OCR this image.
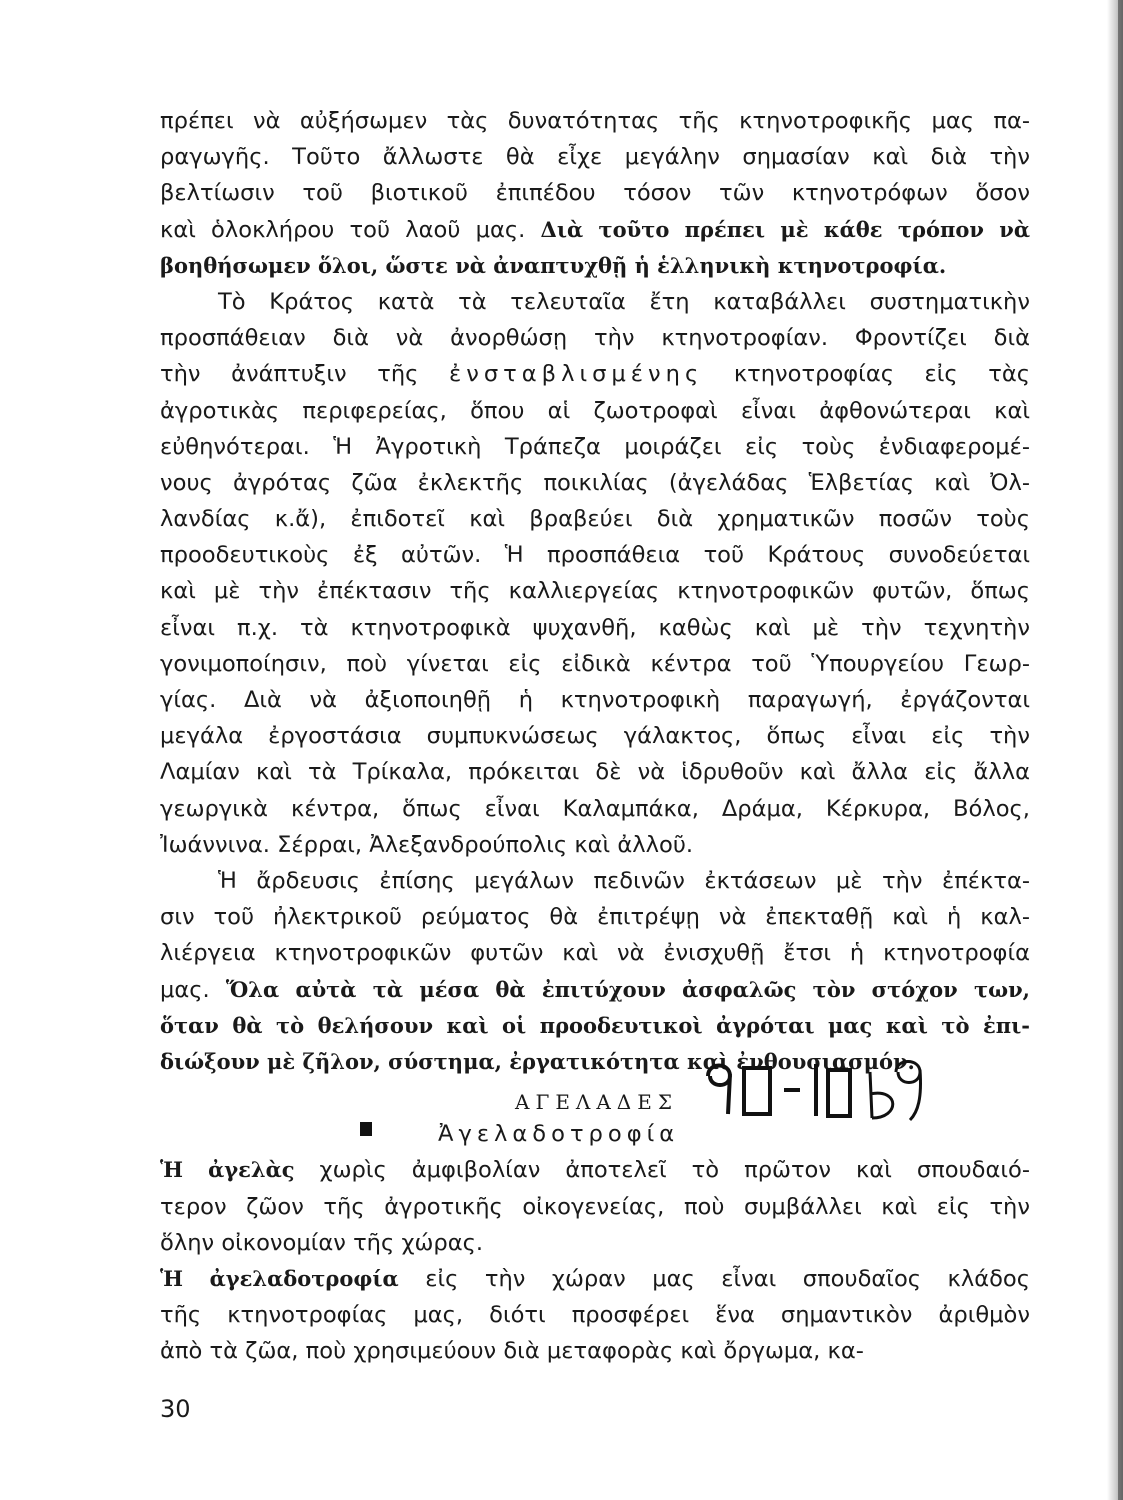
πρέπει νὰ αὐξήσωμεν τὰς δυνατότητας τῆς κτηνοτροφικῆς μας πα-
ραγωγῆς. Τοῦτο ἄλλωστε θὰ εἶχε μεγάλην σημασίαν καὶ διὰ τὴν
βελτίωσιν τοῦ βιοτικοῦ ἐπιπέδου τόσον τῶν κτηνοτρόφων ὅσον
καὶ ὁλοκλήρου τοῦ λαοῦ μας. Διὰ τοῦτο πρέπει μὲ κάθε τρόπον νὰ
βοηθήσωμεν ὅλοι, ὥστε νὰ ἀναπτυχθῇ ἡ ἑλληνικὴ κτηνοτροφία.
Τὸ Κράτος κατὰ τὰ τελευταῖα ἔτη καταβάλλει συστηματικὴν
προσπάθειαν διὰ νὰ ἀνορθώσῃ τὴν κτηνοτροφίαν. Φροντίζει διὰ
τὴν ἀνάπτυξιν τῆς ἐνσταβλισμένης κτηνοτροφίας εἰς τὰς
ἀγροτικὰς περιφερείας, ὅπου αἱ ζωοτροφαὶ εἶναι ἀφθονώτεραι καὶ
εὐθηνότεραι. Ἡ Ἀγροτικὴ Τράπεζα μοιράζει εἰς τοὺς ἐνδιαφερομέ-
νους ἀγρότας ζῶα ἐκλεκτῆς ποικιλίας (ἀγελάδας Ἑλβετίας καὶ Ὀλ-
λανδίας κ.ἄ), ἐπιδοτεῖ καὶ βραβεύει διὰ χρηματικῶν ποσῶν τοὺς
προοδευτικοὺς ἐξ αὐτῶν. Ἡ προσπάθεια τοῦ Κράτους συνοδεύεται
καὶ μὲ τὴν ἐπέκτασιν τῆς καλλιεργείας κτηνοτροφικῶν φυτῶν, ὅπως
εἶναι π.χ. τὰ κτηνοτροφικὰ ψυχανθῆ, καθὼς καὶ μὲ τὴν τεχνητὴν
γονιμοποίησιν, ποὺ γίνεται εἰς εἰδικὰ κέντρα τοῦ Ὑπουργείου Γεωρ-
γίας. Διὰ νὰ ἀξιοποιηθῇ ἡ κτηνοτροφικὴ παραγωγή, ἐργάζονται
μεγάλα ἐργοστάσια συμπυκνώσεως γάλακτος, ὅπως εἶναι εἰς τὴν
Λαμίαν καὶ τὰ Τρίκαλα, πρόκειται δὲ νὰ ἱδρυθοῦν καὶ ἄλλα εἰς ἄλλα
γεωργικὰ κέντρα, ὅπως εἶναι Καλαμπάκα, Δράμα, Κέρκυρα, Βόλος,
Ἰωάννινα. Σέρραι, Ἀλεξανδρούπολις καὶ ἀλλοῦ.
Ἡ ἄρδευσις ἐπίσης μεγάλων πεδινῶν ἐκτάσεων μὲ τὴν ἐπέκτα-
σιν τοῦ ἠλεκτρικοῦ ρεύματος θὰ ἐπιτρέψῃ νὰ ἐπεκταθῇ καὶ ἡ καλ-
λιέργεια κτηνοτροφικῶν φυτῶν καὶ νὰ ἐνισχυθῇ ἔτσι ἡ κτηνοτροφία
μας. Ὅλα αὐτὰ τὰ μέσα θὰ ἐπιτύχουν ἀσφαλῶς τὸν στόχον των,
ὅταν θὰ τὸ θελήσουν καὶ οἱ προοδευτικοὶ ἀγρόται μας καὶ τὸ ἐπι-
διώξουν μὲ ζῆλον, σύστημα, ἐργατικότητα καὶ ἐνθουσιασμόν.
ΑΓΕΛΑΔΕΣ
Ἀγελαδοτροφία
Ἡ ἀγελὰς χωρὶς ἀμφιβολίαν ἀποτελεῖ τὸ πρῶτον καὶ σπουδαιό-
τερον ζῶον τῆς ἀγροτικῆς οἰκογενείας, ποὺ συμβάλλει καὶ εἰς τὴν
ὅλην οἰκονομίαν τῆς χώρας.
Ἡ ἀγελαδοτροφία εἰς τὴν χώραν μας εἶναι σπουδαῖος κλάδος
τῆς κτηνοτροφίας μας, διότι προσφέρει ἕνα σημαντικὸν ἀριθμὸν
ἀπὸ τὰ ζῶα, ποὺ χρησιμεύουν διὰ μεταφορὰς καὶ ὄργωμα, κα-
30
